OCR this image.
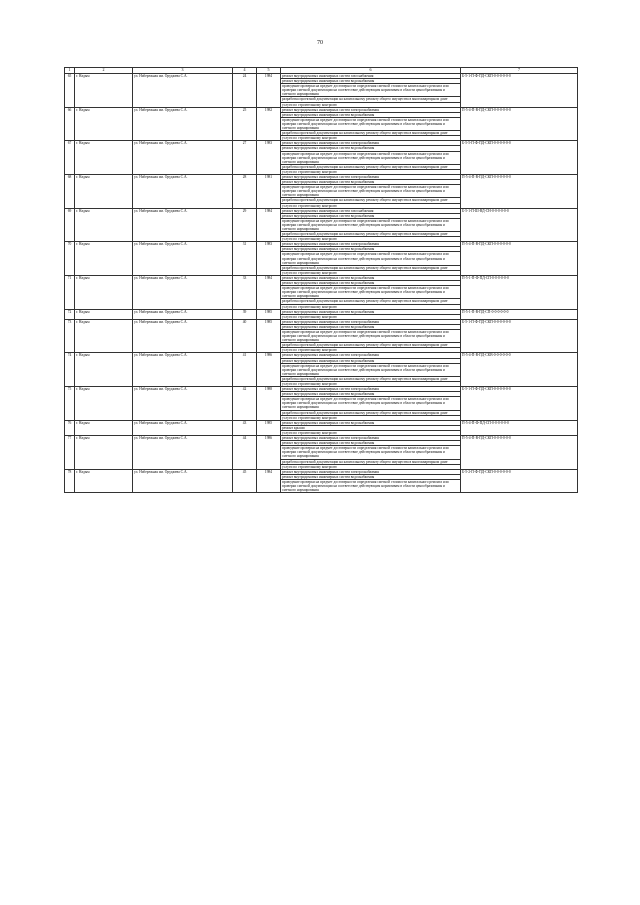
70
1	2	3	4	5	6	7
65	г. Надым	ул. Набережная им. Оруджева С.А.	24	1984	ремонт внутридомовых инженерных систем газоснабжения	Б-5-1-П-Ф-ПД-СКП-0-0-0-0-0-0
					ремонт внутридомовых инженерных систем водоснабжения	
					проведение проверки на предмет достоверности определения сметной стоимости капитального ремонта или проверки сметной документации на соответствие действующим нормативам в области ценообразования и сметного нормирования	
					разработка проектной документации на капитальному ремонту общего имущества в многоквартирном доме	
					услуги по строительному контролю	
66	г. Надым	ул. Набережная им. Оруджева С.А.	25	1982	ремонт внутридомовых инженерных систем электроснабжения	П-5-4-П-В-ПД-СКП-0-0-0-0-0-0
					ремонт внутридомовых инженерных систем водоснабжения	
					проведение проверки на предмет достоверности определения сметной стоимости капитального ремонта или проверки сметной документации на соответствие действующим нормативам в области ценообразования и сметного нормирования	
					разработка проектной документации на капитальному ремонту общего имущества в многоквартирном доме	
					услуги по строительному контролю	
67	г. Надым	ул. Набережная им. Оруджева С.А.	27	1983	ремонт внутридомовых инженерных систем электроснабжения	Б-5-5-П-Ф-ПД-СКП-0-0-0-0-0-0
					ремонт внутридомовых инженерных систем водоснабжения	
					проведение проверки на предмет достоверности определения сметной стоимости капитального ремонта или проверки сметной документации на соответствие действующим нормативам в области ценообразования и сметного нормирования	
					разработка проектной документации на капитальному ремонту общего имущества в многоквартирном доме	
					услуги по строительному контролю	
68	г. Надым	ул. Набережная им. Оруджева С.А.	28	1981	ремонт внутридомовых инженерных систем электроснабжения	П-5-4-П-В-ПД-СКП-0-0-0-0-0-0
					ремонт внутридомовых инженерных систем водоснабжения	
					проведение проверки на предмет достоверности определения сметной стоимости капитального ремонта или проверки сметной документации на соответствие действующим нормативам в области ценообразования и сметного нормирования	
					разработка проектной документации на капитальному ремонту общего имущества в многоквартирном доме	
					услуги по строительному контролю	
69	г. Надым	ул. Набережная им. Оруджева С.А.	29	1984	ремонт внутридомовых инженерных систем газоснабжения	Б-5-1-П-Ш-ВД-СН-0-0-0-0-0-0
					ремонт внутридомовых инженерных систем водоснабжения	
					проведение проверки на предмет достоверности определения сметной стоимости капитального ремонта или проверки сметной документации на соответствие действующим нормативам в области ценообразования и сметного нормирования	
					разработка проектной документации на капитальному ремонту общего имущества в многоквартирном доме	
					услуги по строительному контролю	
70	г. Надым	ул. Набережная им. Оруджева С.А.	31	1983	ремонт внутридомовых инженерных систем электроснабжения	П-5-4-П-В-ПД-СКП-0-0-0-0-0-0
					ремонт внутридомовых инженерных систем водоснабжения	
					проведение проверки на предмет достоверности определения сметной стоимости капитального ремонта или проверки сметной документации на соответствие действующим нормативам в области ценообразования и сметного нормирования	
					разработка проектной документации на капитальному ремонту общего имущества в многоквартирном доме	
					услуги по строительному контролю	
71	г. Надым	ул. Набережная им. Оруджева С.А.	33	1984	ремонт внутридомовых инженерных систем водоснабжения	П-5-1-П-Ф-ПД-СП-0-0-0-0-0-0
					ремонт внутридомовых инженерных систем водоснабжения	
					проведение проверки на предмет достоверности определения сметной стоимости капитального ремонта или проверки сметной документации на соответствие действующим нормативам в области ценообразования и сметного нормирования	
					разработка проектной документации на капитальному ремонту общего имущества в многоквартирном доме	
					услуги по строительному контролю	
72	г. Надым	ул. Набережная им. Оруджева С.А.	39	1985	ремонт внутридомовых инженерных систем водоснабжения	П-5-1-П-В-ПД-СП-0-0-0-0-0-0
					услуги по строительному контролю	
73	г. Надым	ул. Набережная им. Оруджева С.А.	40	1985	ремонт внутридомовых инженерных систем электроснабжения	Б-5-1-П-Ф-ПД-СКП-0-0-0-0-0-0
					ремонт внутридомовых инженерных систем водоснабжения	
					проведение проверки на предмет достоверности определения сметной стоимости капитального ремонта или проверки сметной документации на соответствие действующим нормативам в области ценообразования и сметного нормирования	
					разработка проектной документации на капитальному ремонту общего имущества в многоквартирном доме	
					услуги по строительному контролю	
74	г. Надым	ул. Набережная им. Оруджева С.А.	41	1986	ремонт внутридомовых инженерных систем электроснабжения	П-5-4-П-В-ПД-СКВ-0-0-0-0-0-0
					ремонт внутридомовых инженерных систем водоснабжения	
					проведение проверки на предмет достоверности определения сметной стоимости капитального ремонта или проверки сметной документации на соответствие действующим нормативам в области ценообразования и сметного нормирования	
					разработка проектной документации на капитальному ремонту общего имущества в многоквартирном доме	
					услуги по строительному контролю	
75	г. Надым	ул. Набережная им. Оруджева С.А.	42	1988	ремонт внутридомовых инженерных систем электроснабжения	Б-5-1-П-Ф-ПД-СКП-0-0-0-0-0-0
					ремонт внутридомовых инженерных систем водоснабжения	
					проведение проверки на предмет достоверности определения сметной стоимости капитального ремонта или проверки сметной документации на соответствие действующим нормативам в области ценообразования и сметного нормирования	
					разработка проектной документации на капитальному ремонту общего имущества в многоквартирном доме	
					услуги по строительному контролю	
76	г. Надым	ул. Набережная им. Оруджева С.А.	43	1985	ремонт внутридомовых инженерных систем водоснабжения	П-5-4-П-Ф-ПД-СП-0-0-0-0-0-0
					ремонт крыши	
					услуги по строительному контролю	
77	г. Надым	ул. Набережная им. Оруджева С.А.	44	1986	ремонт внутридомовых инженерных систем электроснабжения	П-5-4-П-В-ПД-СКП-0-0-0-0-0-0
					ремонт внутридомовых инженерных систем водоснабжения	
					проведение проверки на предмет достоверности определения сметной стоимости капитального ремонта или проверки сметной документации на соответствие действующим нормативам в области ценообразования и сметного нормирования	
					разработка проектной документации на капитальному ремонту общего имущества в многоквартирном доме	
					услуги по строительному контролю	
78	г. Надым	ул. Набережная им. Оруджева С.А.	45	1984	ремонт внутридомовых инженерных систем электроснабжения	Б-5-2-П-Ф-ПД-СКП-0-0-0-0-0-0
					ремонт внутридомовых инженерных систем водоснабжения	
					проведение проверки на предмет достоверности определения сметной стоимости капитального ремонта или проверки сметной документации на соответствие действующим нормативам в области ценообразования и сметного нормирования	
